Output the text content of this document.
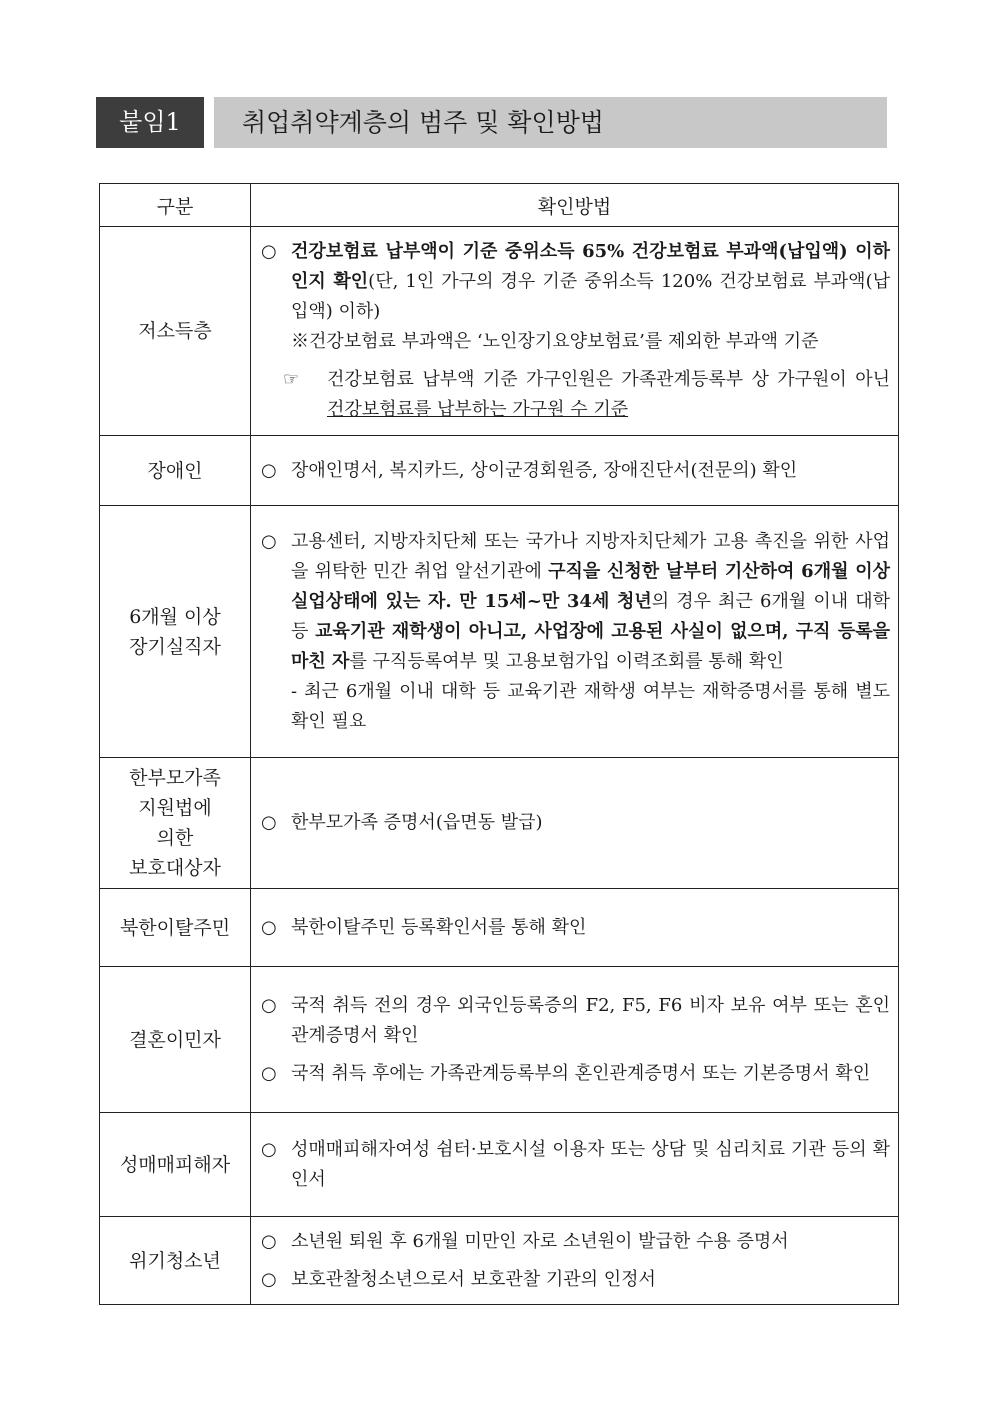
붙임1	취업취약계층의 범주 및 확인방법
구분	확인방법
저소득층	○ 건강보험료 납부액이 기준 중위소득 65% 건강보험료 부과액(납입액) 이하인지 확인(단, 1인 가구의 경우 기준 중위소득 120% 건강보험료 부과액(납입액) 이하)
※건강보험료 부과액은 ‘노인장기요양보험료’를 제외한 부과액 기준
☞ 건강보험료 납부액 기준 가구인원은 가족관계등록부 상 가구원이 아닌 건강보험료를 납부하는 가구원 수 기준

장애인	○ 장애인명서, 복지카드, 상이군경회원증, 장애진단서(전문의) 확인

6개월 이상
장기실직자	○ 고용센터, 지방자치단체 또는 국가나 지방자치단체가 고용 촉진을 위한 사업을 위탁한 민간 취업 알선기관에 구직을 신청한 날부터 기산하여 6개월 이상 실업상태에 있는 자. 만 15세~만 34세 청년의 경우 최근 6개월 이내 대학 등 교육기관 재학생이 아니고, 사업장에 고용된 사실이 없으며, 구직 등록을 마친 자를 구직등록여부 및 고용보험가입 이력조회를 통해 확인
- 최근 6개월 이내 대학 등 교육기관 재학생 여부는 재학증명서를 통해 별도 확인 필요

한부모가족
지원법에
의한
보호대상자	○ 한부모가족 증명서(읍면동 발급)

북한이탈주민	○ 북한이탈주민 등록확인서를 통해 확인

결혼이민자	○ 국적 취득 전의 경우 외국인등록증의 F2, F5, F6 비자 보유 여부 또는 혼인관계증명서 확인
○ 국적 취득 후에는 가족관계등록부의 혼인관계증명서 또는 기본증명서 확인

성매매피해자	○ 성매매피해자여성 쉼터·보호시설 이용자 또는 상담 및 심리치료 기관 등의 확인서

위기청소년	○ 소년원 퇴원 후 6개월 미만인 자로 소년원이 발급한 수용 증명서
○ 보호관찰청소년으로서 보호관찰 기관의 인정서
